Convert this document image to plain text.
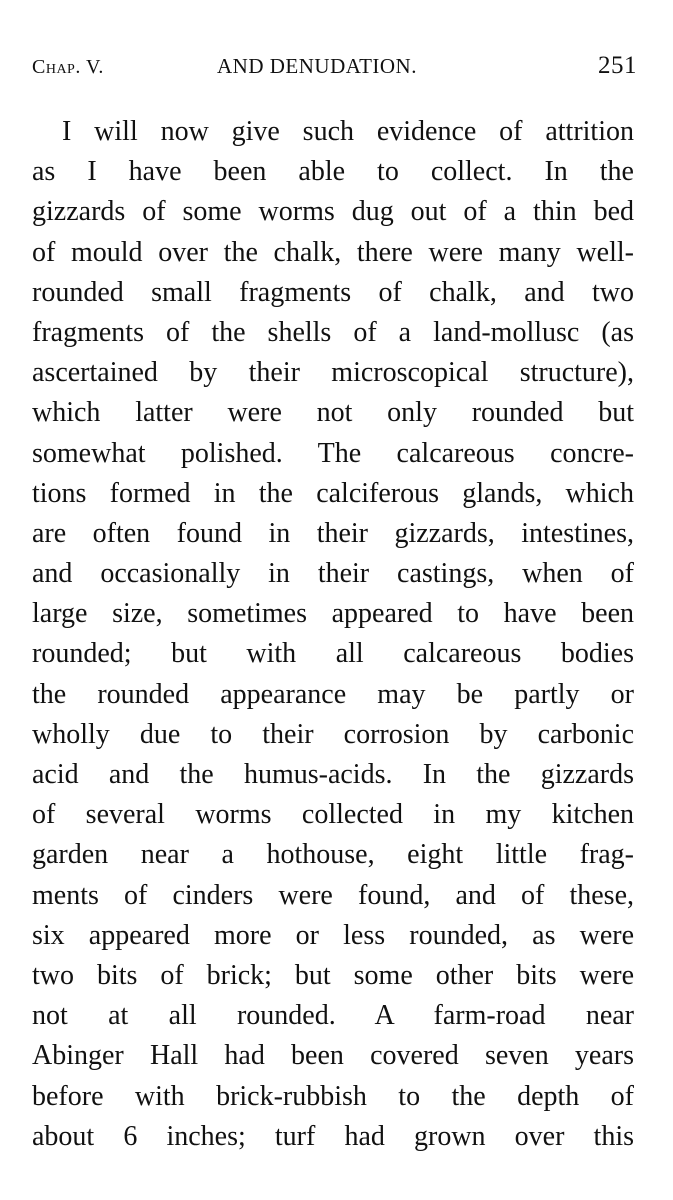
Chap. V.	AND DENUDATION.	251
I will now give such evidence of attrition
as I have been able to collect. In the
gizzards of some worms dug out of a thin bed
of mould over the chalk, there were many well-
rounded small fragments of chalk, and two
fragments of the shells of a land-mollusc (as
ascertained by their microscopical structure),
which latter were not only rounded but
somewhat polished. The calcareous concre-
tions formed in the calciferous glands, which
are often found in their gizzards, intestines,
and occasionally in their castings, when of
large size, sometimes appeared to have been
rounded; but with all calcareous bodies
the rounded appearance may be partly or
wholly due to their corrosion by carbonic
acid and the humus-acids. In the gizzards
of several worms collected in my kitchen
garden near a hothouse, eight little frag-
ments of cinders were found, and of these,
six appeared more or less rounded, as were
two bits of brick; but some other bits were
not at all rounded. A farm-road near
Abinger Hall had been covered seven years
before with brick-rubbish to the depth of
about 6 inches; turf had grown over this
